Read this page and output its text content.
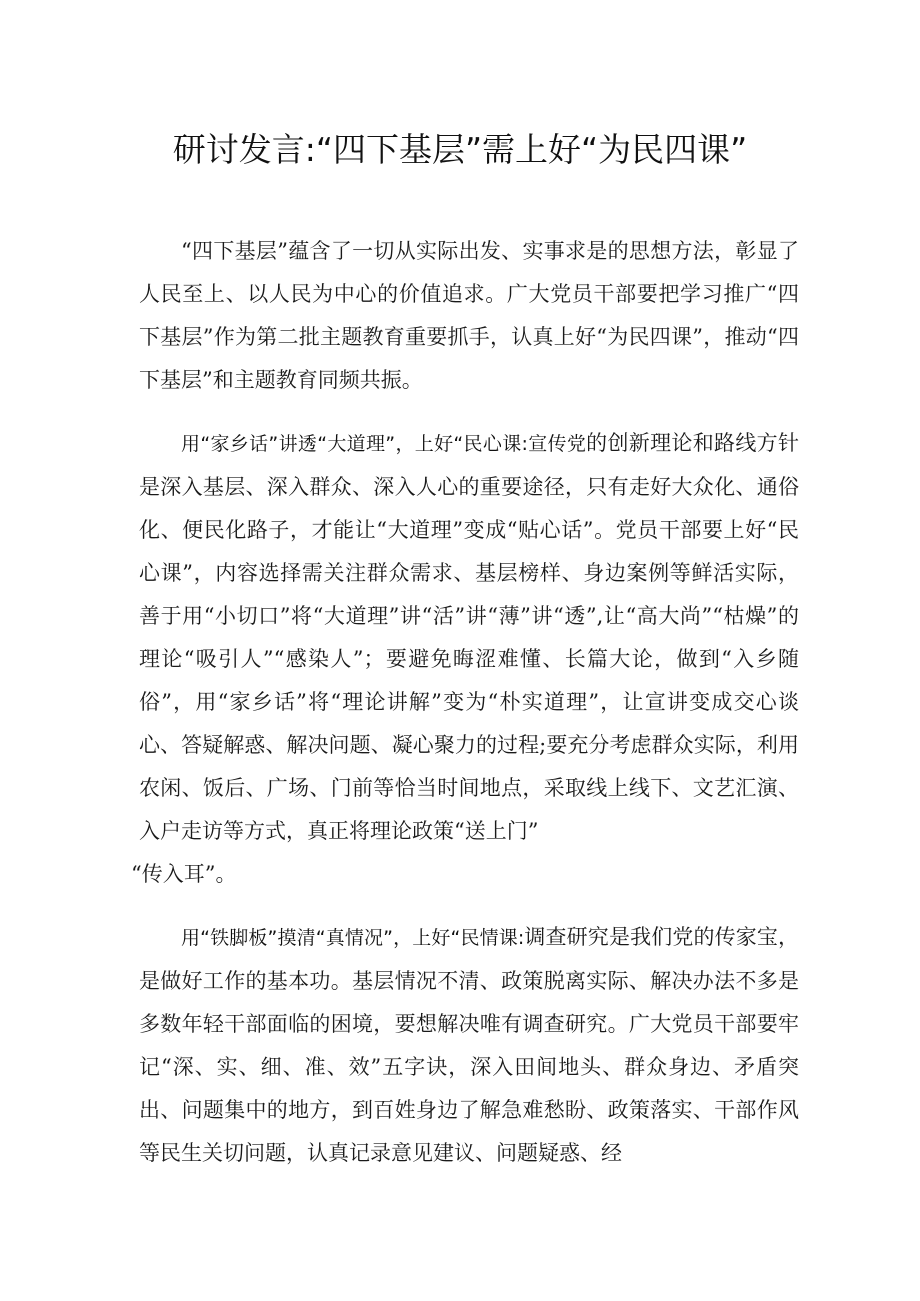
研讨发言:“四下基层”需上好“为民四课”

“四下基层”蕴含了一切从实际出发、实事求是的思想方法，彰显了人民至上、以人民为中心的价值追求。广大党员干部要把学习推广“四下基层”作为第二批主题教育重要抓手，认真上好“为民四课”，推动“四下基层”和主题教育同频共振。

用“家乡话”讲透“大道理”，上好“民心课:宣传党的创新理论和路线方针是深入基层、深入群众、深入人心的重要途径，只有走好大众化、通俗化、便民化路子，才能让“大道理”变成“贴心话”。党员干部要上好“民心课”，内容选择需关注群众需求、基层榜样、身边案例等鲜活实际，善于用“小切口”将“大道理”讲“活”讲“薄”讲“透”,让“高大尚”“枯燥”的理论“吸引人”“感染人”；要避免晦涩难懂、长篇大论，做到“入乡随俗”，用“家乡话”将“理论讲解”变为“朴实道理”，让宣讲变成交心谈心、答疑解惑、解决问题、凝心聚力的过程;要充分考虑群众实际，利用农闲、饭后、广场、门前等恰当时间地点，采取线上线下、文艺汇演、入户走访等方式，真正将理论政策“送上门”

“传入耳”。

用“铁脚板”摸清“真情况”，上好“民情课:调查研究是我们党的传家宝，是做好工作的基本功。基层情况不清、政策脱离实际、解决办法不多是多数年轻干部面临的困境，要想解决唯有调查研究。广大党员干部要牢记“深、实、细、准、效”五字诀，深入田间地头、群众身边、矛盾突出、问题集中的地方，到百姓身边了解急难愁盼、政策落实、干部作风等民生关切问题，认真记录意见建议、问题疑惑、经
